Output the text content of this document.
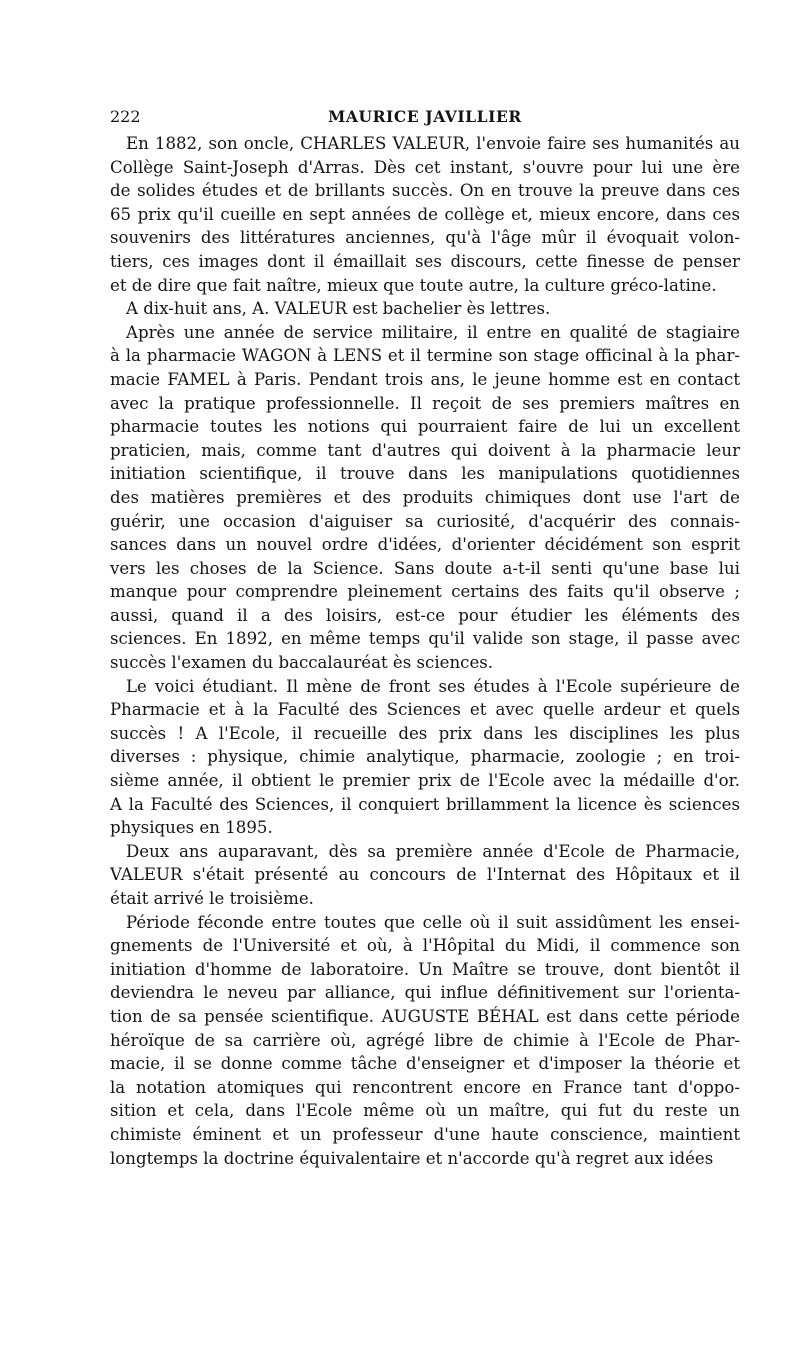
222	MAURICE JAVILLIER

En 1882, son oncle, CHARLES VALEUR, l'envoie faire ses humanités au
Collège Saint-Joseph d'Arras. Dès cet instant, s'ouvre pour lui une ère
de solides études et de brillants succès. On en trouve la preuve dans ces
65 prix qu'il cueille en sept années de collège et, mieux encore, dans ces
souvenirs des littératures anciennes, qu'à l'âge mûr il évoquait volon-
tiers, ces images dont il émaillait ses discours, cette finesse de penser
et de dire que fait naître, mieux que toute autre, la culture gréco-latine.

A dix-huit ans, A. VALEUR est bachelier ès lettres.

Après une année de service militaire, il entre en qualité de stagiaire
à la pharmacie WAGON à LENS et il termine son stage officinal à la phar-
macie FAMEL à Paris. Pendant trois ans, le jeune homme est en contact
avec la pratique professionnelle. Il reçoit de ses premiers maîtres en
pharmacie toutes les notions qui pourraient faire de lui un excellent
praticien, mais, comme tant d'autres qui doivent à la pharmacie leur
initiation scientifique, il trouve dans les manipulations quotidiennes
des matières premières et des produits chimiques dont use l'art de
guérir, une occasion d'aiguiser sa curiosité, d'acquérir des connais-
sances dans un nouvel ordre d'idées, d'orienter décidément son esprit
vers les choses de la Science. Sans doute a-t-il senti qu'une base lui
manque pour comprendre pleinement certains des faits qu'il observe ;
aussi, quand il a des loisirs, est-ce pour étudier les éléments des
sciences. En 1892, en même temps qu'il valide son stage, il passe avec
succès l'examen du baccalauréat ès sciences.

Le voici étudiant. Il mène de front ses études à l'Ecole supérieure de
Pharmacie et à la Faculté des Sciences et avec quelle ardeur et quels
succès ! A l'Ecole, il recueille des prix dans les disciplines les plus
diverses : physique, chimie analytique, pharmacie, zoologie ; en troi-
sième année, il obtient le premier prix de l'Ecole avec la médaille d'or.
A la Faculté des Sciences, il conquiert brillamment la licence ès sciences
physiques en 1895.

Deux ans auparavant, dès sa première année d'Ecole de Pharmacie,
VALEUR s'était présenté au concours de l'Internat des Hôpitaux et il
était arrivé le troisième.

Période féconde entre toutes que celle où il suit assidûment les ensei-
gnements de l'Université et où, à l'Hôpital du Midi, il commence son
initiation d'homme de laboratoire. Un Maître se trouve, dont bientôt il
deviendra le neveu par alliance, qui influe définitivement sur l'orienta-
tion de sa pensée scientifique. AUGUSTE BÉHAL est dans cette période
héroïque de sa carrière où, agrégé libre de chimie à l'Ecole de Phar-
macie, il se donne comme tâche d'enseigner et d'imposer la théorie et
la notation atomiques qui rencontrent encore en France tant d'oppo-
sition et cela, dans l'Ecole même où un maître, qui fut du reste un
chimiste éminent et un professeur d'une haute conscience, maintient
longtemps la doctrine équivalentaire et n'accorde qu'à regret aux idées
